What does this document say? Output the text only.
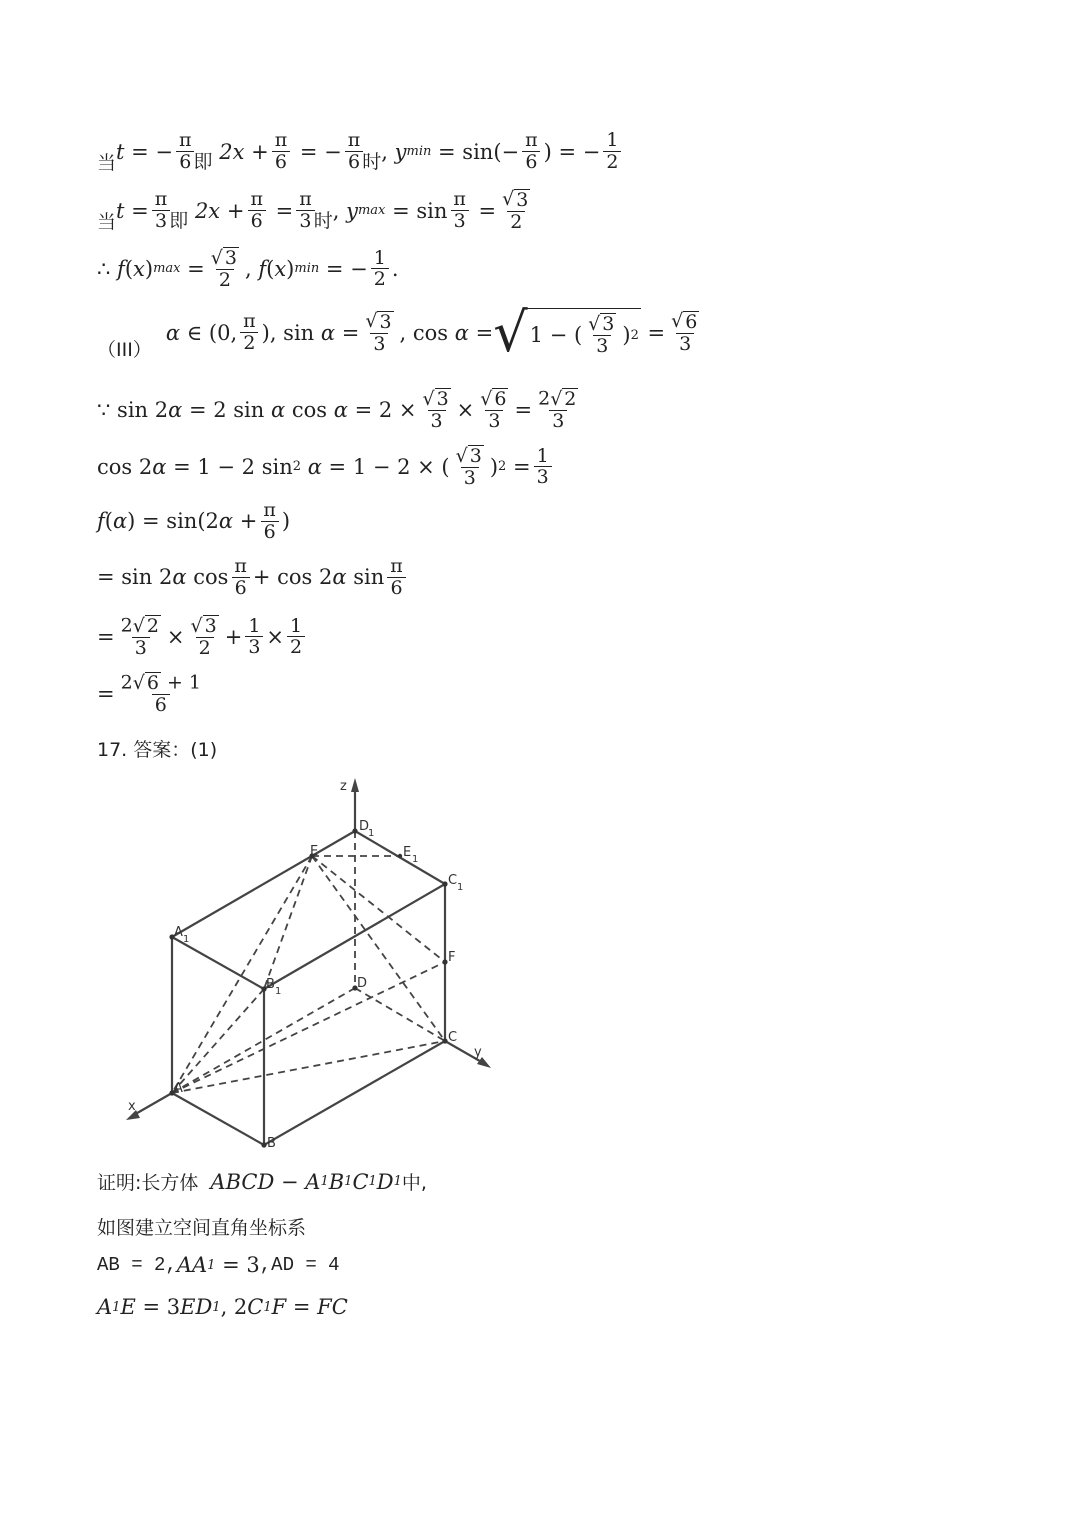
当 t = − $\frac{\pi}{6}$ 即 $2x + \frac{\pi}{6}$ = − $\frac{\pi}{6}$ 时 , y $\min = \sin(- \frac{\pi}{6}$ ) = − $\frac{1}{2}$
当 $t = \frac{\pi}{3}$ 即 $2x + \frac{\pi}{6} = \frac{\pi}{3}$ 时 , y $\max = \sin \frac{\pi}{3} = \frac{√ 3}{2}$
∴ f ( x ) $\max = \frac{√ 3}{2}$ , f ( x ) min = − $\frac{1}{2}$ .
（III）
α ∈ (0, $\frac{\pi}{2}$ ), $\sin \alpha = \frac{√ 3}{3}$ , cos α = √ 1 − ( $\frac{√ 3}{3}$ ) $2 = \frac{√ 6}{3}$
∵ sin 2 α = 2 sin α $\cos \alpha = 2 \times \frac{√ 3}{3} \times \frac{√ 6}{3} = \frac{2√ 2}{3}$
cos 2 α = 1 − 2 sin 2
α = 1 − 2 × ( $\frac{√ 3}{3}$ ) $2 = \frac{1}{3}$
f ( α ) = sin(2 $\alpha + \frac{\pi}{6}$ )
= sin 2 α $\cos \frac{\pi}{6} + \cos 2$ α $\sin \frac{\pi}{6}$
= $\frac{2√ 2}{3} \times \frac{√ 3}{2} + \frac{1}{3} \times \frac{1}{2}$
= $\frac{2√ 6 + 1}{6}$
17. 答案：(1)
z
y
x
D
1
E	E 1
C 1
A 1
B 1
F
D
C
A
B
证明:长方体 ABCD − A 1 B 1 C 1 D 1 中,
如图建立空间直角坐标系
AB = 2, AA 1 = 3 ,AD = 4
A 1 E = 3 ED 1 , 2 C 1 F = FC
